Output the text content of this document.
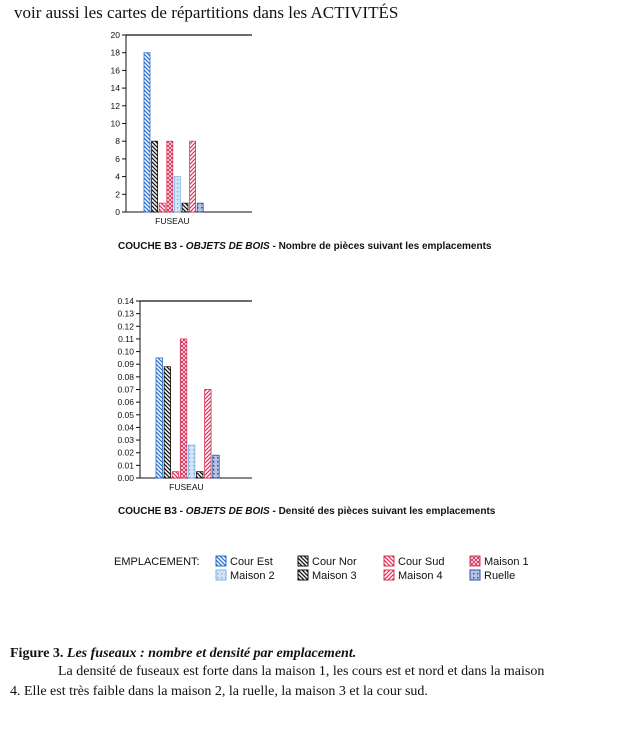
voir aussi les cartes de répartitions dans les ACTIVITÉS
0
2
4
6
8
10
12
14
16
18
20
FUSEAU
COUCHE B3 - OBJETS DE BOIS - Nombre de pièces suivant les emplacements
0.00
0.01
0.02
0.03
0.04
0.05
0.06
0.07
0.08
0.09
0.10
0.11
0.12
0.13
0.14
FUSEAU
COUCHE B3 - OBJETS DE BOIS - Densité des pièces suivant les emplacements
EMPLACEMENT:	Cour Est	Cour Nor	Cour Sud	Maison 1
Maison 2	Maison 3	Maison 4	Ruelle
Figure 3. Les fuseaux : nombre et densité par emplacement.
La densité de fuseaux est forte dans la maison 1, les cours est et nord et dans la maison
4. Elle est très faible dans la maison 2, la ruelle, la maison 3 et la cour sud.
